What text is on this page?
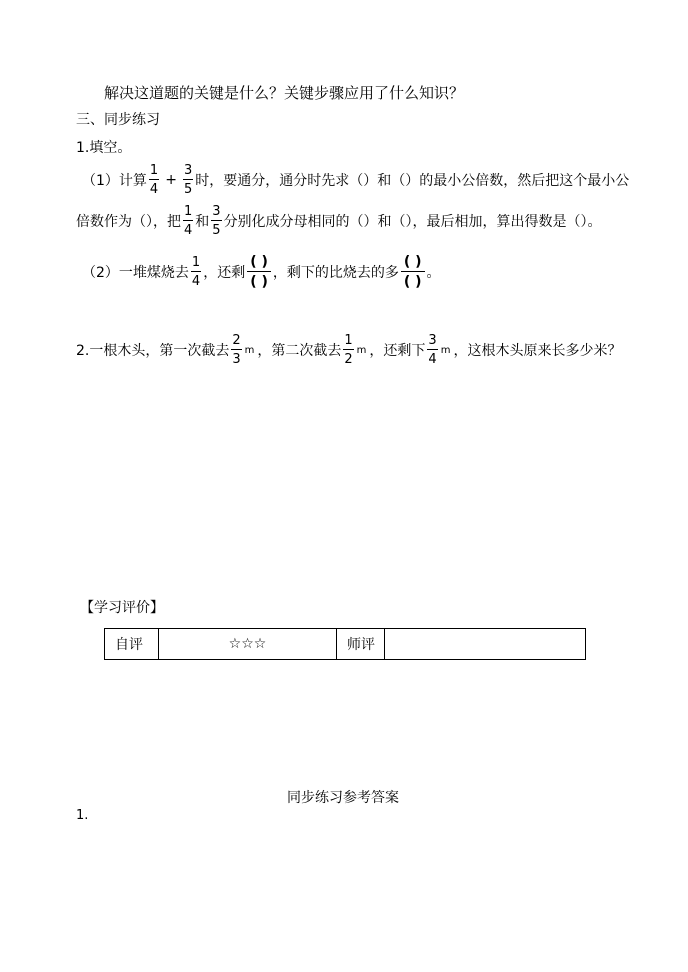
解决这道题的关键是什么？关键步骤应用了什么知识？
三、同步练习
1.填空。
（1）计算 $\frac{1}{4} + \frac{3}{5}$ 时，要通分，通分时先求（）和（）的最小公倍数，然后把这个最小公
倍数作为（），把 $\frac{1}{4}$ 和 $\frac{3}{5}$ 分别化成分母相同的（）和（），最后相加，算出得数是（）。
（2）一堆煤烧去 $\frac{1}{4}$ ，还剩 $\frac{( )}{( )}$ ，剩下的比烧去的多 $\frac{( )}{( )}$ 。
2.一根木头，第一次截去 $\frac{2}{3}$ m ，第二次截去 $\frac{1}{2}$ m ，还剩下 $\frac{3}{4}$ m ，这根木头原来长多少米？
【学习评价】
自评	☆☆☆	师评	
同步练习参考答案
1.
